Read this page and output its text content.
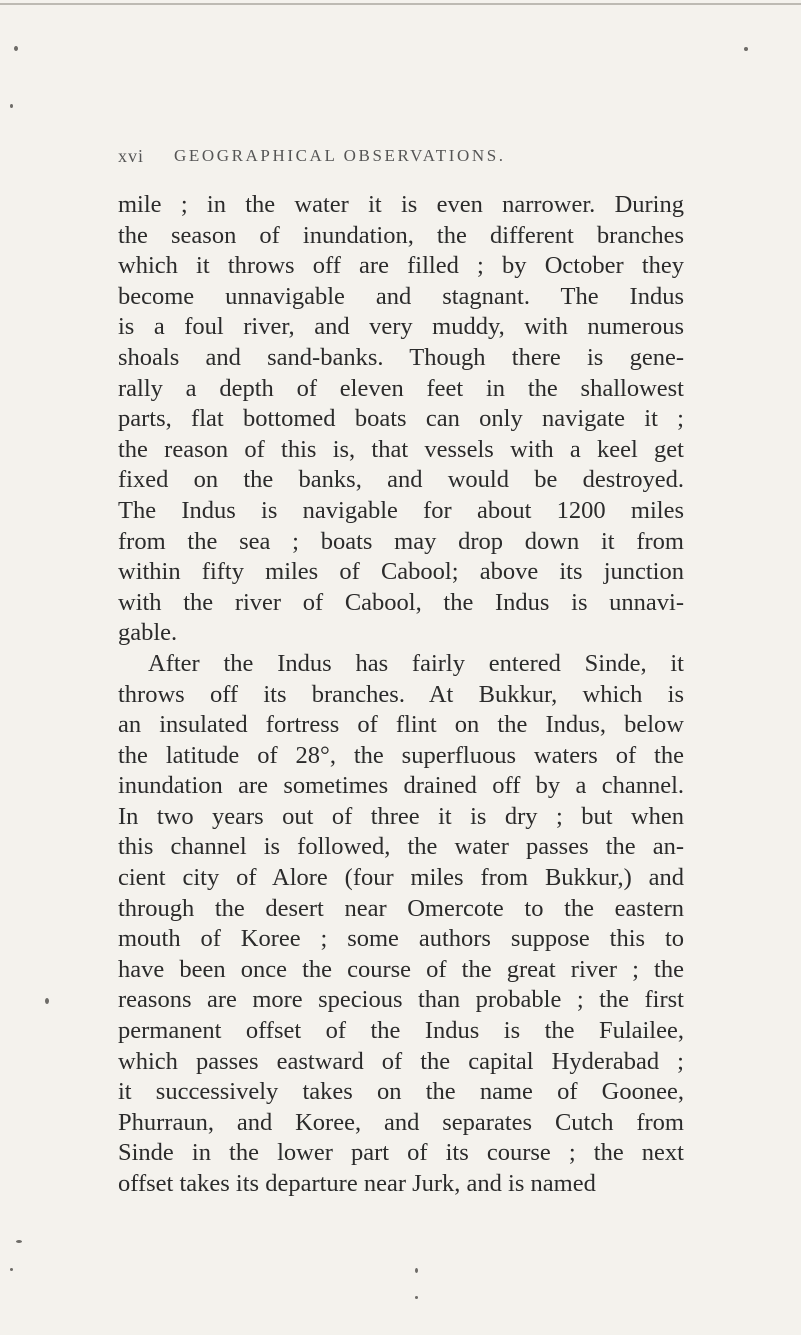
xvi GEOGRAPHICAL OBSERVATIONS.
mile ; in the water it is even narrower. During
the season of inundation, the different branches
which it throws off are filled ; by October they
become unnavigable and stagnant. The Indus
is a foul river, and very muddy, with numerous
shoals and sand-banks. Though there is gene-
rally a depth of eleven feet in the shallowest
parts, flat bottomed boats can only navigate it ;
the reason of this is, that vessels with a keel get
fixed on the banks, and would be destroyed.
The Indus is navigable for about 1200 miles
from the sea ; boats may drop down it from
within fifty miles of Cabool; above its junction
with the river of Cabool, the Indus is unnavi-
gable.
After the Indus has fairly entered Sinde, it
throws off its branches. At Bukkur, which is
an insulated fortress of flint on the Indus, below
the latitude of 28°, the superfluous waters of the
inundation are sometimes drained off by a channel.
In two years out of three it is dry ; but when
this channel is followed, the water passes the an-
cient city of Alore (four miles from Bukkur,) and
through the desert near Omercote to the eastern
mouth of Koree ; some authors suppose this to
have been once the course of the great river ; the
reasons are more specious than probable ; the first
permanent offset of the Indus is the Fulailee,
which passes eastward of the capital Hyderabad ;
it successively takes on the name of Goonee,
Phurraun, and Koree, and separates Cutch from
Sinde in the lower part of its course ; the next
offset takes its departure near Jurk, and is named
